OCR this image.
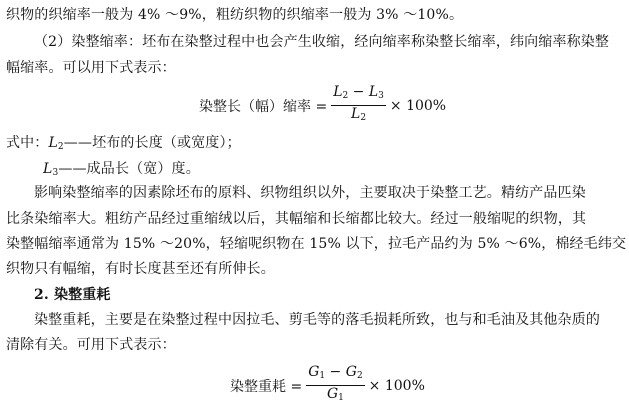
织物的织缩率一般为 4% ～9%，粗纺织物的织缩率一般为 3% ～10%。
（2）染整缩率：坯布在染整过程中也会产生收缩，经向缩率称染整长缩率，纬向缩率称染整
幅缩率。可以用下式表示：
染整长（幅）缩率 = $\frac{L_2 - L_3}{L_2} \times 100\%$
式中：$L_2——$坯布的长度（或宽度）；
$L_3——$成品长（宽）度。
影响染整缩率的因素除坯布的原料、织物组织以外，主要取决于染整工艺。精纺产品匹染
比条染缩率大。粗纺产品经过重缩绒以后，其幅缩和长缩都比较大。经过一般缩呢的织物，其
染整幅缩率通常为 15% ～20%，轻缩呢织物在 15% 以下，拉毛产品约为 5% ～6%，棉经毛纬交
织物只有幅缩，有时长度甚至还有所伸长。
2. 染整重耗
染整重耗，主要是在染整过程中因拉毛、剪毛等的落毛损耗所致，也与和毛油及其他杂质的
清除有关。可用下式表示：
染整重耗 = $\frac{G_1 - G_2}{G_1} \times 100\%$
